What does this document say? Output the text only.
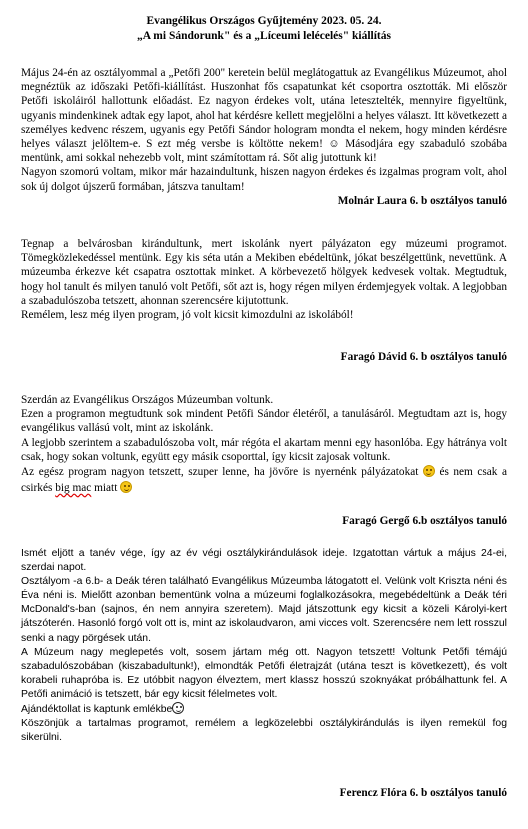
Evangélikus Országos Gyűjtemény 2023. 05. 24.
„A mi Sándorunk" és a „Líceumi lelécelés" kiállítás

Május 24-én az osztályommal a „Petőfi 200" keretein belül meglátogattuk az Evangélikus Múzeumot, ahol megnéztük az időszaki Petőfi-kiállítást. Huszonhat fős csapatunkat két csoportra osztották. Mi először Petőfi iskoláiról hallottunk előadást. Ez nagyon érdekes volt, utána letesztelték, mennyire figyeltünk, ugyanis mindenkinek adtak egy lapot, ahol hat kérdésre kellett megjelölni a helyes választ. Itt következett a személyes kedvenc részem, ugyanis egy Petőfi Sándor hologram mondta el nekem, hogy minden kérdésre helyes választ jelöltem-e. S ezt még versbe is költötte nekem! ☺ Másodjára egy szabaduló szobába mentünk, ami sokkal nehezebb volt, mint számítottam rá. Sőt alig jutottunk ki!

Nagyon szomorú voltam, mikor már hazaindultunk, hiszen nagyon érdekes és izgalmas program volt, ahol sok új dolgot újszerű formában, játszva tanultam!

Molnár Laura 6. b osztályos tanuló

Tegnap a belvárosban kirándultunk, mert iskolánk nyert pályázaton egy múzeumi programot. Tömegközlekedéssel mentünk. Egy kis séta után a Mekiben ebédeltünk, jókat beszélgettünk, nevettünk. A múzeumba érkezve két csapatra osztottak minket. A körbevezető hölgyek kedvesek voltak. Megtudtuk, hogy hol tanult és milyen tanuló volt Petőfi, sőt azt is, hogy régen milyen érdemjegyek voltak. A legjobban a szabadulószoba tetszett, ahonnan szerencsére kijutottunk.

Remélem, lesz még ilyen program, jó volt kicsit kimozdulni az iskolából!

Faragó Dávid 6. b osztályos tanuló

Szerdán az Evangélikus Országos Múzeumban voltunk.

Ezen a programon megtudtunk sok mindent Petőfi Sándor életéről, a tanulásáról. Megtudtam azt is, hogy evangélikus vallású volt, mint az iskolánk.

A legjobb szerintem a szabadulószoba volt, már régóta el akartam menni egy hasonlóba. Egy hátránya volt csak, hogy sokan voltunk, együtt egy másik csoporttal, így kicsit zajosak voltunk.

Az egész program nagyon tetszett, szuper lenne, ha jövőre is nyernénk pályázatokat és nem csak a csirkés big mac miatt

Faragó Gergő 6.b osztályos tanuló

Ismét eljött a tanév vége, így az év végi osztálykirándulások ideje. Izgatottan vártuk a május 24-ei, szerdai napot.

Osztályom -a 6.b- a Deák téren található Evangélikus Múzeumba látogatott el. Velünk volt Kriszta néni és Éva néni is. Mielőtt azonban bementünk volna a múzeumi foglalkozásokra, megebédeltünk a Deák téri McDonald's-ban (sajnos, én nem annyira szeretem). Majd játszottunk egy kicsit a közeli Károlyi-kert játszóterén. Hasonló forgó volt ott is, mint az iskolaudvaron, ami vicces volt. Szerencsére nem lett rosszul senki a nagy pörgések után.

A Múzeum nagy meglepetés volt, sosem jártam még ott. Nagyon tetszett! Voltunk Petőfi témájú szabadulószobában (kiszabadultunk!), elmondták Petőfi életrajzát (utána teszt is következett), és volt korabeli ruhapróba is. Ez utóbbit nagyon élveztem, mert klassz hosszú szoknyákat próbálhattunk fel. A Petőfi animáció is tetszett, bár egy kicsit félelmetes volt.

Ajándéktollat is kaptunk emlékbe

Köszönjük a tartalmas programot, remélem a legközelebbi osztálykirándulás is ilyen remekül fog sikerülni.

Ferencz Flóra 6. b osztályos tanuló
